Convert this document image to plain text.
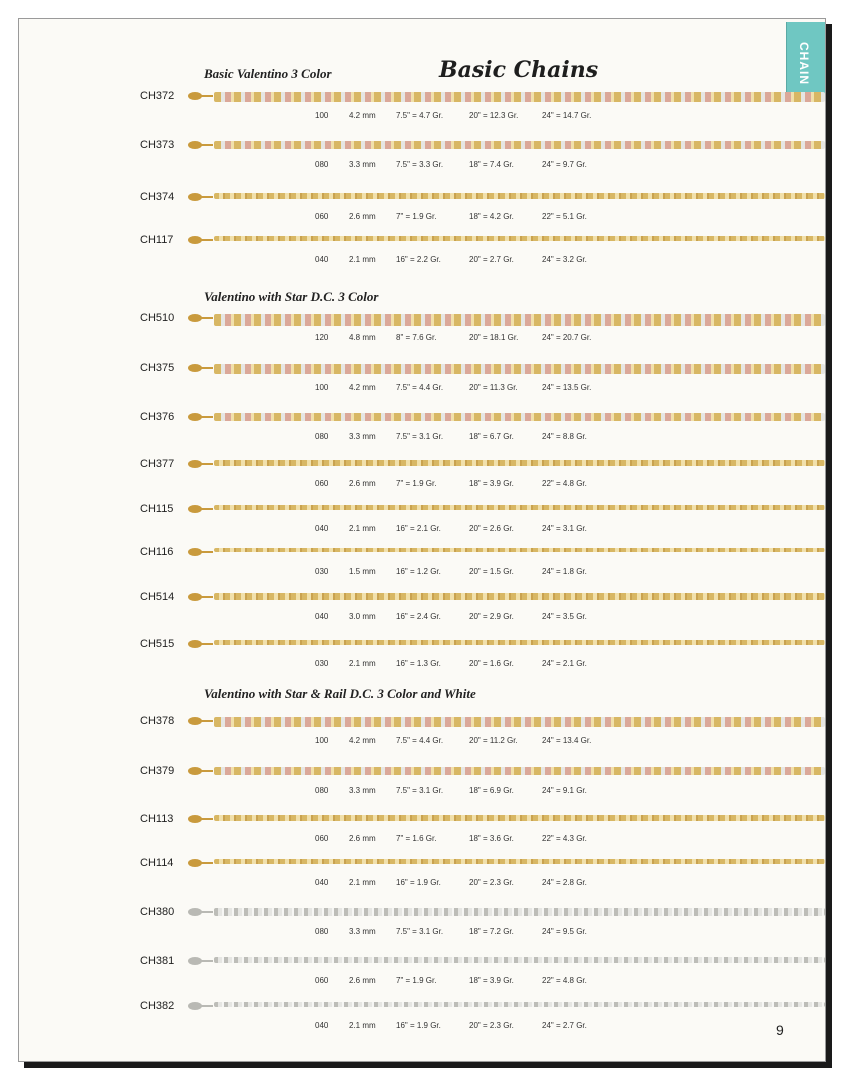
CHAIN
Basic Chains
Basic Valentino 3 Color
Valentino with Star D.C. 3 Color
Valentino with Star & Rail D.C. 3 Color and White
CH372
100	4.2 mm	7.5" = 4.7 Gr.	20" = 12.3 Gr.	24" = 14.7 Gr.
CH373
080	3.3 mm	7.5" = 3.3 Gr.	18" = 7.4 Gr.	24" = 9.7 Gr.
CH374
060	2.6 mm	7" = 1.9 Gr.	18" = 4.2 Gr.	22" = 5.1 Gr.
CH117
040	2.1 mm	16" = 2.2 Gr.	20" = 2.7 Gr.	24" = 3.2 Gr.
CH510
120	4.8 mm	8" = 7.6 Gr.	20" = 18.1 Gr.	24" = 20.7 Gr.
CH375
100	4.2 mm	7.5" = 4.4 Gr.	20" = 11.3 Gr.	24" = 13.5 Gr.
CH376
080	3.3 mm	7.5" = 3.1 Gr.	18" = 6.7 Gr.	24" = 8.8 Gr.
CH377
060	2.6 mm	7" = 1.9 Gr.	18" = 3.9 Gr.	22" = 4.8 Gr.
CH115
040	2.1 mm	16" = 2.1 Gr.	20" = 2.6 Gr.	24" = 3.1 Gr.
CH116
030	1.5 mm	16" = 1.2 Gr.	20" = 1.5 Gr.	24" = 1.8 Gr.
CH514
040	3.0 mm	16" = 2.4 Gr.	20" = 2.9 Gr.	24" = 3.5 Gr.
CH515
030	2.1 mm	16" = 1.3 Gr.	20" = 1.6 Gr.	24" = 2.1 Gr.
CH378
100	4.2 mm	7.5" = 4.4 Gr.	20" = 11.2 Gr.	24" = 13.4 Gr.
CH379
080	3.3 mm	7.5" = 3.1 Gr.	18" = 6.9 Gr.	24" = 9.1 Gr.
CH113
060	2.6 mm	7" = 1.6 Gr.	18" = 3.6 Gr.	22" = 4.3 Gr.
CH114
040	2.1 mm	16" = 1.9 Gr.	20" = 2.3 Gr.	24" = 2.8 Gr.
CH380
080	3.3 mm	7.5" = 3.1 Gr.	18" = 7.2 Gr.	24" = 9.5 Gr.
CH381
060	2.6 mm	7" = 1.9 Gr.	18" = 3.9 Gr.	22" = 4.8 Gr.
CH382
040	2.1 mm	16" = 1.9 Gr.	20" = 2.3 Gr.	24" = 2.7 Gr.	9
